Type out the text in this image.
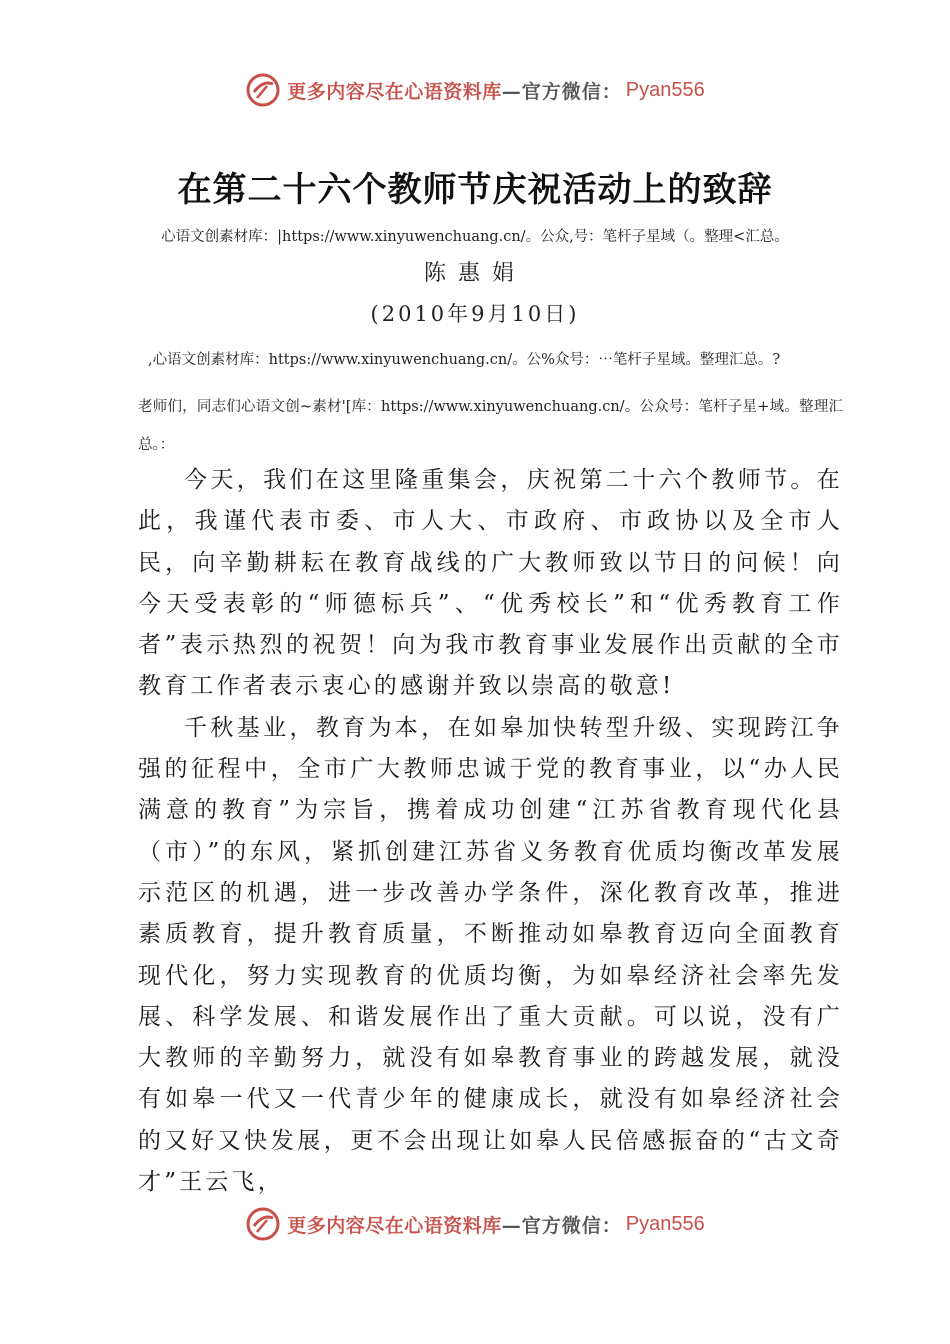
更多内容尽在心语资料库 —官方微信： Pyan556
在第二十六个教师节庆祝活动上的致辞
心语文创素材库：|https://www.xinyuwenchuang.cn/。公众,号：笔杆子星域（。整理<汇总。
陈惠娟
(2010年9月10日)
,心语文创素材库：https://www.xinyuwenchuang.cn/。公%众号：⋯笔杆子星域。整理汇总。?
老师们，同志们心语文创~素材'[库：https://www.xinyuwenchuang.cn/。公众号：笔杆子星+域。整理汇总。：

今天，我们在这里隆重集会，庆祝第二十六个教师节。在此，我谨代表市委、市人大、市政府、市政协以及全市人民，向辛勤耕耘在教育战线的广大教师致以节日的问候！向今天受表彰的“师德标兵”、“优秀校长”和“优秀教育工作者”表示热烈的祝贺！向为我市教育事业发展作出贡献的全市教育工作者表示衷心的感谢并致以崇高的敬意!

千秋基业，教育为本，在如皋加快转型升级、实现跨江争强的征程中，全市广大教师忠诚于党的教育事业，以“办人民满意的教育”为宗旨，携着成功创建“江苏省教育现代化县（市）”的东风，紧抓创建江苏省义务教育优质均衡改革发展示范区的机遇，进一步改善办学条件，深化教育改革，推进素质教育，提升教育质量，不断推动如皋教育迈向全面教育现代化，努力实现教育的优质均衡，为如皋经济社会率先发展、科学发展、和谐发展作出了重大贡献。可以说，没有广大教师的辛勤努力，就没有如皋教育事业的跨越发展，就没有如皋一代又一代青少年的健康成长，就没有如皋经济社会的又好又快发展，更不会出现让如皋人民倍感振奋的“古文奇才”王云飞，

更多内容尽在心语资料库 —官方微信： Pyan556
